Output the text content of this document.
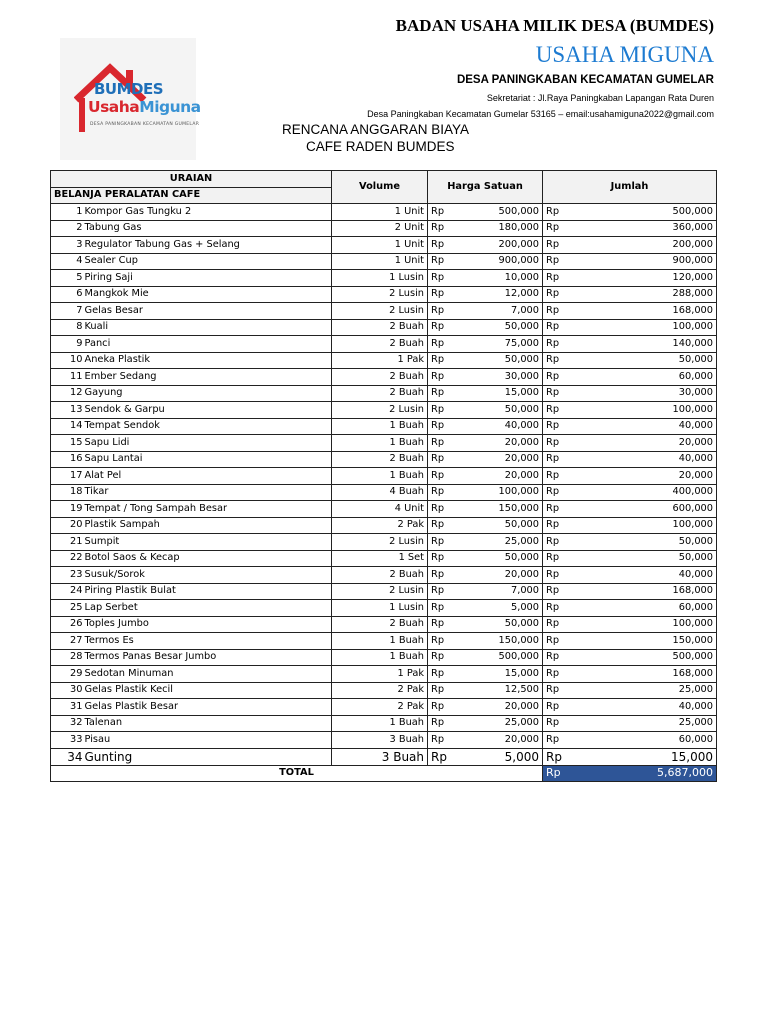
BUMDES
UsahaMiguna
DESA PANINGKABAN KECAMATAN GUMELAR
BADAN USAHA MILIK DESA (BUMDES)
USAHA MIGUNA
DESA PANINGKABAN KECAMATAN GUMELAR
Sekretariat : Jl.Raya Paningkaban Lapangan Rata Duren
Desa Paningkaban Kecamatan Gumelar 53165 – email:usahamiguna2022@gmail.com
RENCANA ANGGARAN BIAYA
CAFE RADEN BUMDES
URAIAN		Volume	Harga Satuan		Jumlah	
BELANJA PERALATAN CAFE						
1	Kompor Gas Tungku 2	1 Unit	Rp	500,000	Rp	500,000
2	Tabung Gas	2 Unit	Rp	180,000	Rp	360,000
3	Regulator Tabung Gas + Selang	1 Unit	Rp	200,000	Rp	200,000
4	Sealer Cup	1 Unit	Rp	900,000	Rp	900,000
5	Piring Saji	1 Lusin	Rp	10,000	Rp	120,000
6	Mangkok Mie	2 Lusin	Rp	12,000	Rp	288,000
7	Gelas Besar	2 Lusin	Rp	7,000	Rp	168,000
8	Kuali	2 Buah	Rp	50,000	Rp	100,000
9	Panci	2 Buah	Rp	75,000	Rp	140,000
10	Aneka Plastik	1 Pak	Rp	50,000	Rp	50,000
11	Ember Sedang	2 Buah	Rp	30,000	Rp	60,000
12	Gayung	2 Buah	Rp	15,000	Rp	30,000
13	Sendok & Garpu	2 Lusin	Rp	50,000	Rp	100,000
14	Tempat Sendok	1 Buah	Rp	40,000	Rp	40,000
15	Sapu Lidi	1 Buah	Rp	20,000	Rp	20,000
16	Sapu Lantai	2 Buah	Rp	20,000	Rp	40,000
17	Alat Pel	1 Buah	Rp	20,000	Rp	20,000
18	Tikar	4 Buah	Rp	100,000	Rp	400,000
19	Tempat / Tong Sampah Besar	4 Unit	Rp	150,000	Rp	600,000
20	Plastik Sampah	2 Pak	Rp	50,000	Rp	100,000
21	Sumpit	2 Lusin	Rp	25,000	Rp	50,000
22	Botol Saos & Kecap	1 Set	Rp	50,000	Rp	50,000
23	Susuk/Sorok	2 Buah	Rp	20,000	Rp	40,000
24	Piring Plastik Bulat	2 Lusin	Rp	7,000	Rp	168,000
25	Lap Serbet	1 Lusin	Rp	5,000	Rp	60,000
26	Toples Jumbo	2 Buah	Rp	50,000	Rp	100,000
27	Termos Es	1 Buah	Rp	150,000	Rp	150,000
28	Termos Panas Besar Jumbo	1 Buah	Rp	500,000	Rp	500,000
29	Sedotan Minuman	1 Pak	Rp	15,000	Rp	168,000
30	Gelas Plastik Kecil	2 Pak	Rp	12,500	Rp	25,000
31	Gelas Plastik Besar	2 Pak	Rp	20,000	Rp	40,000
32	Talenan	1 Buah	Rp	25,000	Rp	25,000
33	Pisau	3 Buah	Rp	20,000	Rp	60,000
34	Gunting	3 Buah	Rp	5,000	Rp	15,000
TOTAL					Rp	5,687,000
